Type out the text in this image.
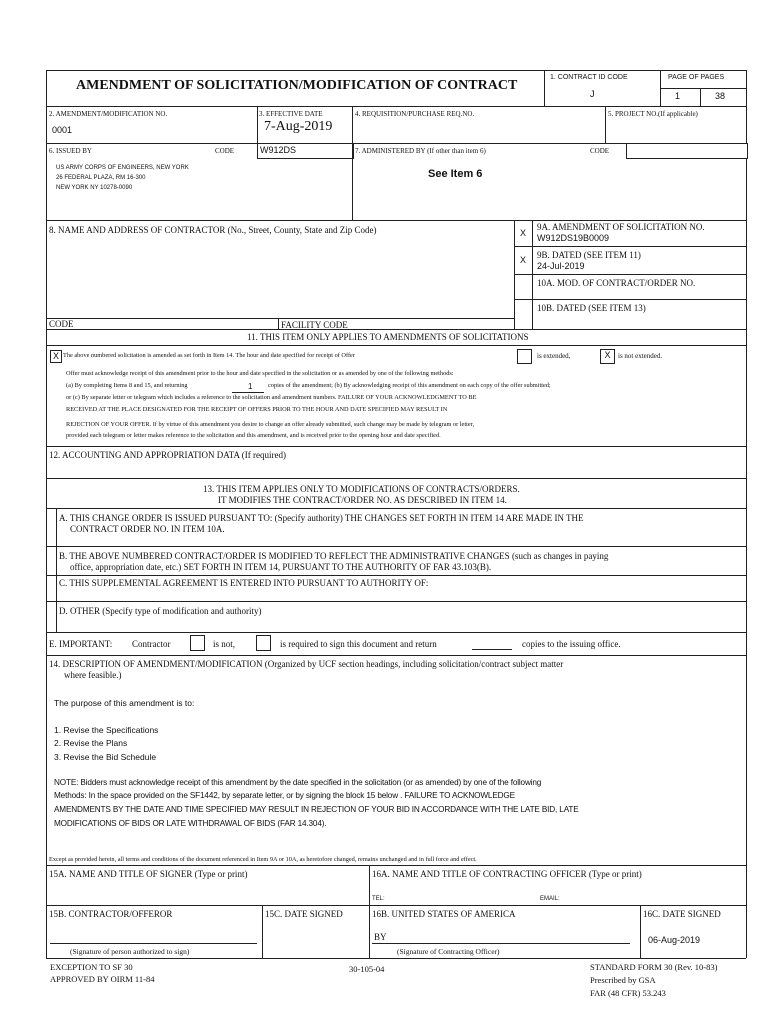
AMENDMENT OF SOLICITATION/MODIFICATION OF CONTRACT
1. CONTRACT ID CODE
J
PAGE OF PAGES
1	38
2. AMENDMENT/MODIFICATION NO.
0001
3. EFFECTIVE DATE
7-Aug-2019
4. REQUISITION/PURCHASE REQ.NO.	5. PROJECT NO.(If applicable)
6. ISSUED BY	CODE	W912DS
US ARMY CORPS OF ENGINEERS, NEW YORK
26 FEDERAL PLAZA, RM 16-300
NEW YORK NY 10278-0090
7. ADMINISTERED BY (If other than item 6)	CODE
See Item 6
8. NAME AND ADDRESS OF CONTRACTOR (No., Street, County, State and Zip Code)	X
9A. AMENDMENT OF SOLICITATION NO.
W912DS19B0009
X 9B. DATED (SEE ITEM 11)
24-Jul-2019
10A. MOD. OF CONTRACT/ORDER NO.
10B. DATED (SEE ITEM 13)
CODE	FACILITY CODE
11. THIS ITEM ONLY APPLIES TO AMENDMENTS OF SOLICITATIONS
X The above numbered solicitation is amended as set forth in Item 14. The hour and date specified for receipt of Offer	is extended,	X	is not extended.
Offer must acknowledge receipt of this amendment prior to the hour and date specified in the solicitation or as amended by one of the following methods:
(a) By completing Items 8 and 15, and returning	1 copies of the amendment; (b) By acknowledging receipt of this amendment on each copy of the offer submitted;
or (c) By separate letter or telegram which includes a reference to the solicitation and amendment numbers. FAILURE OF YOUR ACKNOWLEDGMENT TO BE
RECEIVED AT THE PLACE DESIGNATED FOR THE RECEIPT OF OFFERS PRIOR TO THE HOUR AND DATE SPECIFIED MAY RESULT IN
REJECTION OF YOUR OFFER. If by virtue of this amendment you desire to change an offer already submitted, such change may be made by telegram or letter,
provided each telegram or letter makes reference to the solicitation and this amendment, and is received prior to the opening hour and date specified.
12. ACCOUNTING AND APPROPRIATION DATA (If required)
13. THIS ITEM APPLIES ONLY TO MODIFICATIONS OF CONTRACTS/ORDERS.
IT MODIFIES THE CONTRACT/ORDER NO. AS DESCRIBED IN ITEM 14.
A. THIS CHANGE ORDER IS ISSUED PURSUANT TO: (Specify authority) THE CHANGES SET FORTH IN ITEM 14 ARE MADE IN THE
CONTRACT ORDER NO. IN ITEM 10A.
B. THE ABOVE NUMBERED CONTRACT/ORDER IS MODIFIED TO REFLECT THE ADMINISTRATIVE CHANGES (such as changes in paying
office, appropriation date, etc.) SET FORTH IN ITEM 14, PURSUANT TO THE AUTHORITY OF FAR 43.103(B).
C. THIS SUPPLEMENTAL AGREEMENT IS ENTERED INTO PURSUANT TO AUTHORITY OF:
D. OTHER (Specify type of modification and authority)
E. IMPORTANT: Contractor	is not,	is required to sign this document and return	copies to the issuing office.
14. DESCRIPTION OF AMENDMENT/MODIFICATION (Organized by UCF section headings, including solicitation/contract subject matter
where feasible.)
The purpose of this amendment is to:
1. Revise the Specifications
2. Revise the Plans
3. Revise the Bid Schedule
NOTE: Bidders must acknowledge receipt of this amendment by the date specified in the solicitation (or as amended) by one of the following
Methods: In the space provided on the SF1442, by separate letter, or by signing the block 15 below . FAILURE TO ACKNOWLEDGE
AMENDMENTS BY THE DATE AND TIME SPECIFIED MAY RESULT IN REJECTION OF YOUR BID IN ACCORDANCE WITH THE LATE BID, LATE
MODIFICATIONS OF BIDS OR LATE WITHDRAWAL OF BIDS (FAR 14.304).
Except as provided herein, all terms and conditions of the document referenced in Item 9A or 10A, as heretofore changed, remains unchanged and in full force and effect.
15A. NAME AND TITLE OF SIGNER (Type or print)	16A. NAME AND TITLE OF CONTRACTING OFFICER (Type or print)
TEL:	EMAIL:
15B. CONTRACTOR/OFFEROR	15C. DATE SIGNED	16B. UNITED STATES OF AMERICA	16C. DATE SIGNED
06-Aug-2019
(Signature of person authorized to sign)
BY
(Signature of Contracting Officer)
EXCEPTION TO SF 30
APPROVED BY OIRM 11-84
30-105-04	STANDARD FORM 30 (Rev. 10-83)
Prescribed by GSA
FAR (48 CFR) 53.243
